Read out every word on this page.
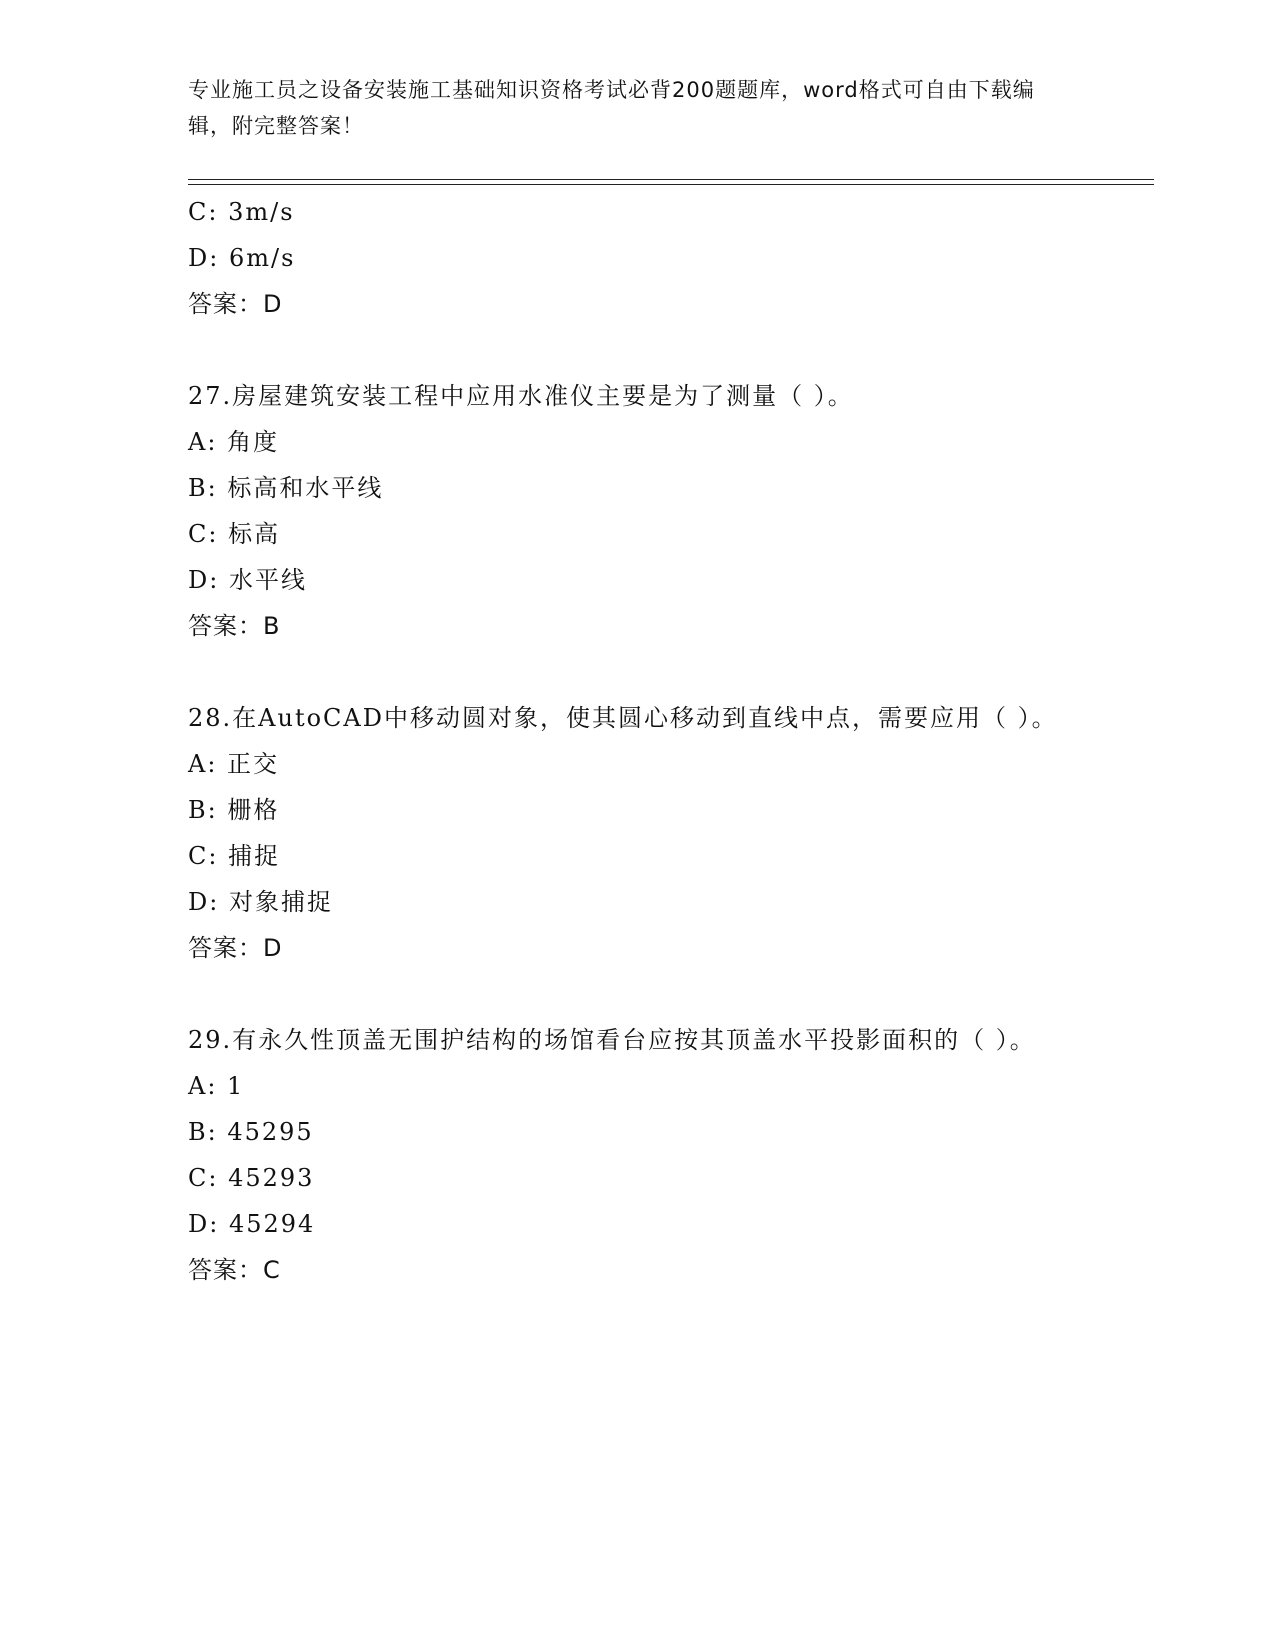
专业施工员之设备安装施工基础知识资格考试必背200题题库，word格式可自由下载编辑，附完整答案！
C: 3m/s
D: 6m/s
答案：D
27.房屋建筑安装工程中应用水准仪主要是为了测量（ ）。
A: 角度
B: 标高和水平线
C: 标高
D: 水平线
答案：B
28.在AutoCAD中移动圆对象，使其圆心移动到直线中点，需要应用（ ）。
A: 正交
B: 栅格
C: 捕捉
D: 对象捕捉
答案：D
29.有永久性顶盖无围护结构的场馆看台应按其顶盖水平投影面积的（ ）。
A: 1
B: 45295
C: 45293
D: 45294
答案：C
